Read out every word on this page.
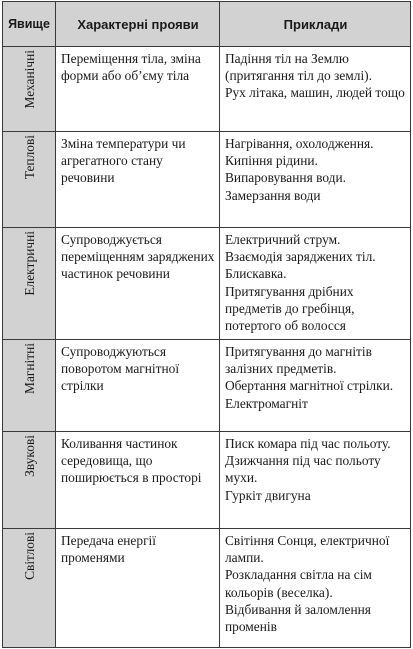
Явище	Характерні прояви	Приклади
Механічні	Переміщення тіла, зміна форми або об’єму тіла	Падіння тіл на Землю (притягання тіл до землі).
Рух літака, машин, людей тощо

Теплові	Зміна температури чи агрегатного стану речовини	Нагрівання, охолодження.
Кипіння рідини.
Випаровування води.
Замерзання води

Електричні	Супроводжується переміщенням заряджених частинок речовини	Електричний струм.
Взаємодія заряджених тіл.
Блискавка.
Притягування дрібних предметів до гребінця, потертого об волосся

Магнітні	Супроводжуються поворотом магнітної стрілки	Притягування до магнітів залізних предметів.
Обертання магнітної стрілки.
Електромагніт

Звукові	Коливання частинок середовища, що поширюється в просторі	Писк комара під час польоту.
Дзижчання під час польоту мухи.
Гуркіт двигуна

Світлові	Передача енергії променями	Світіння Сонця, електричної лампи.
Розкладання світла на сім кольорів (веселка).
Відбивання й заломлення променів
